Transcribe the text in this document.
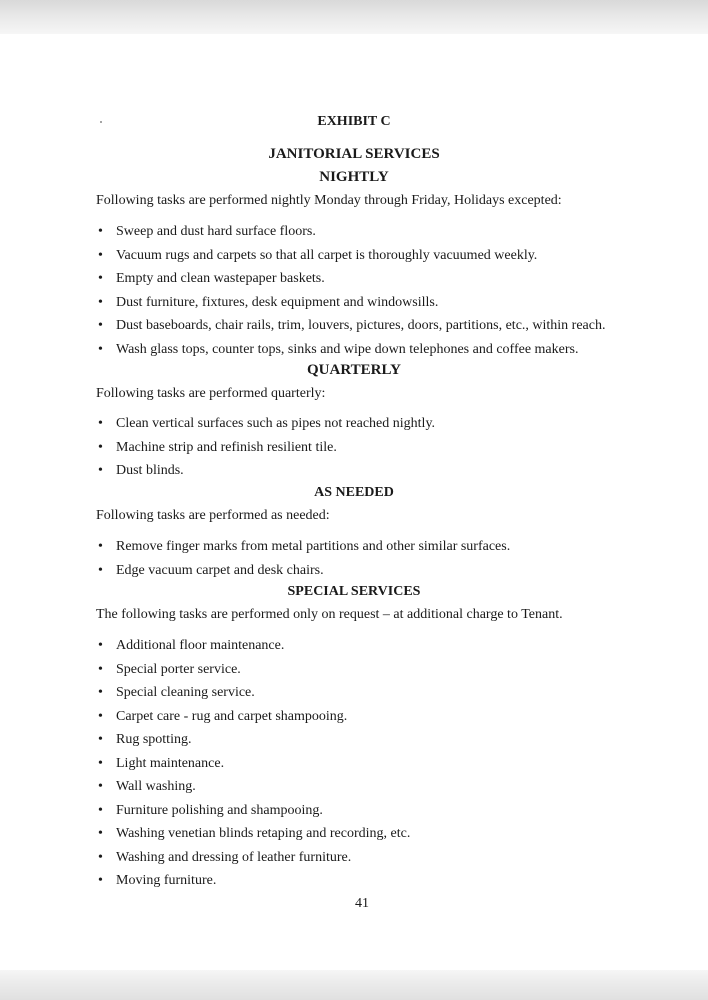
EXHIBIT C
JANITORIAL SERVICES
NIGHTLY

Following tasks are performed nightly Monday through Friday, Holidays excepted:

• Sweep and dust hard surface floors.
• Vacuum rugs and carpets so that all carpet is thoroughly vacuumed weekly.
• Empty and clean wastepaper baskets.
• Dust furniture, fixtures, desk equipment and windowsills.
• Dust baseboards, chair rails, trim, louvers, pictures, doors, partitions, etc., within reach.
• Wash glass tops, counter tops, sinks and wipe down telephones and coffee makers.
QUARTERLY

Following tasks are performed quarterly:

• Clean vertical surfaces such as pipes not reached nightly.
• Machine strip and refinish resilient tile.
• Dust blinds.
AS NEEDED

Following tasks are performed as needed:

• Remove finger marks from metal partitions and other similar surfaces.
• Edge vacuum carpet and desk chairs.
SPECIAL SERVICES

The following tasks are performed only on request – at additional charge to Tenant.

• Additional floor maintenance.
• Special porter service.
• Special cleaning service.
• Carpet care - rug and carpet shampooing.
• Rug spotting.
• Light maintenance.
• Wall washing.
• Furniture polishing and shampooing.
• Washing venetian blinds retaping and recording, etc.
• Washing and dressing of leather furniture.
• Moving furniture.
41
